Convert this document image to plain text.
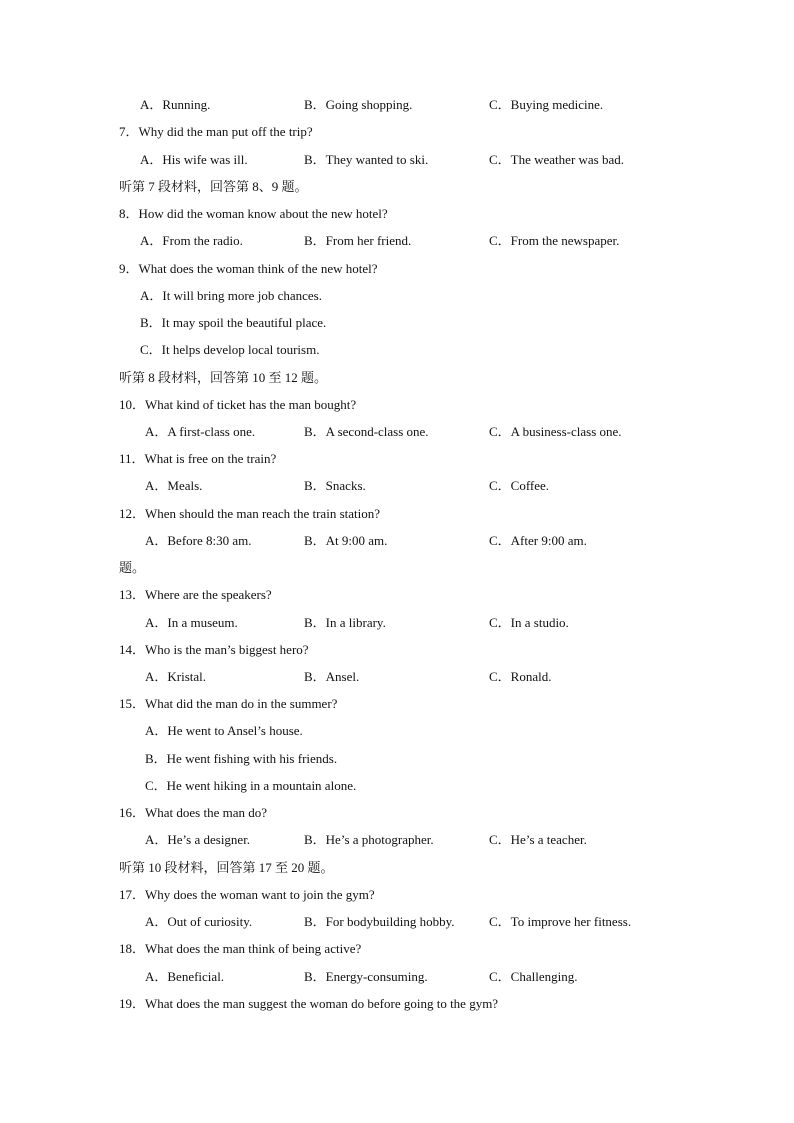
A．Running.	B．Going shopping.	C．Buying medicine.
7．Why did the man put off the trip?
A．His wife was ill.	B．They wanted to ski.	C．The weather was bad.
听第 7 段材料，回答第 8、9 题。
8．How did the woman know about the new hotel?
A．From the radio.	B．From her friend.	C．From the newspaper.
9．What does the woman think of the new hotel?
A．It will bring more job chances.
B．It may spoil the beautiful place.
C．It helps develop local tourism.
听第 8 段材料，回答第 10 至 12 题。
10．What kind of ticket has the man bought?
A．A first-class one.	B．A second-class one.	C．A business-class one.
11．What is free on the train?
A．Meals.	B．Snacks.	C．Coffee.
12．When should the man reach the train station?
A．Before 8:30 am.	B．At 9:00 am.	C．After 9:00 am.
题。
13．Where are the speakers?
A．In a museum.	B．In a library.	C．In a studio.
14．Who is the man’s biggest hero?
A．Kristal.	B．Ansel.	C．Ronald.
15．What did the man do in the summer?
A．He went to Ansel’s house.
B．He went fishing with his friends.
C．He went hiking in a mountain alone.
16．What does the man do?
A．He’s a designer.	B．He’s a photographer.	C．He’s a teacher.
听第 10 段材料，回答第 17 至 20 题。
17．Why does the woman want to join the gym?
A．Out of curiosity.	B．For bodybuilding hobby.	C．To improve her fitness.
18．What does the man think of being active?
A．Beneficial.	B．Energy-consuming.	C．Challenging.
19．What does the man suggest the woman do before going to the gym?
